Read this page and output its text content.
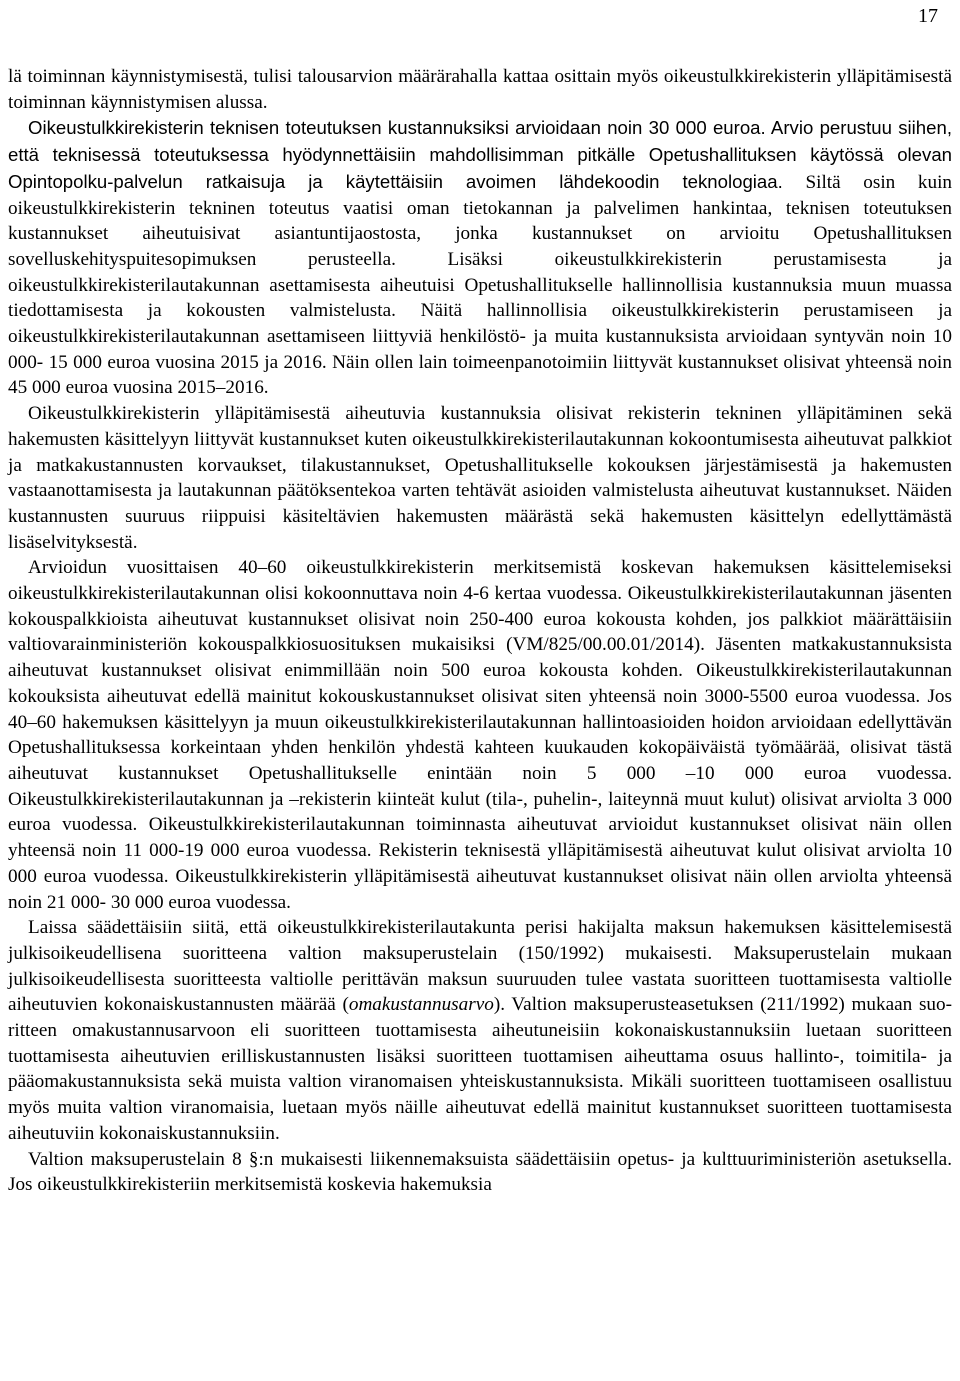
17

lä toiminnan käynnistymisestä, tulisi talousarvion määrärahalla kattaa osittain myös oikeustulkkirekisterin ylläpitämisestä toiminnan käynnistymisen alussa.

Oikeustulkkirekisterin teknisen toteutuksen kustannuksiksi arvioidaan noin 30 000 euroa. Arvio perustuu siihen, että teknisessä toteutuksessa hyödynnettäisiin mahdollisimman pitkälle Opetushallituksen käytössä olevan Opintopolku-palvelun ratkaisuja ja käytettäisiin avoimen lähdekoodin teknologiaa. Siltä osin kuin oikeustulkkirekisterin tekninen toteutus vaatisi oman tietokannan ja palvelimen hankintaa, teknisen toteutuksen kustannukset aiheutuisivat asiantuntijaostosta, jonka kustannukset on arvioitu Opetushallituksen sovelluskehityspuitesopimuksen perusteella. Lisäksi oikeustulkkirekisterin perustamisesta ja oikeustulkkirekisterilautakunnan asettamisesta aiheutuisi Opetushallitukselle hallinnollisia kustannuksia muun muassa tiedottamisesta ja kokousten valmistelusta. Näitä hallinnollisia oikeustulkkirekisterin perustamiseen ja oikeustulkkirekisterilautakunnan asettamiseen liittyviä henkilöstö- ja muita kustannuksista arvioidaan syntyvän noin 10 000- 15 000 euroa vuosina 2015 ja 2016. Näin ollen lain toimeenpanotoimiin liittyvät kustannukset olisivat yhteensä noin 45 000 euroa vuosina 2015–2016.

Oikeustulkkirekisterin ylläpitämisestä aiheutuvia kustannuksia olisivat rekisterin tekninen ylläpitäminen sekä hakemusten käsittelyyn liittyvät kustannukset kuten oikeustulkkirekisterilautakunnan kokoontumisesta aiheutuvat palkkiot ja matkakustannusten korvaukset, tilakustannukset, Opetushallitukselle kokouksen järjestämisestä ja hakemusten vastaanottamisesta ja lautakunnan päätöksentekoa varten tehtävät asioiden valmistelusta aiheutuvat kustannukset. Näiden kustannusten suuruus riippuisi käsiteltävien hakemusten määrästä sekä hakemusten käsittelyn edellyttämästä lisäselvityksestä.

Arvioidun vuosittaisen 40–60 oikeustulkkirekisterin merkitsemistä koskevan hakemuksen käsittelemiseksi oikeustulkkirekisterilautakunnan olisi kokoonnuttava noin 4-6 kertaa vuodessa. Oikeustulkkirekisterilautakunnan jäsenten kokouspalkkioista aiheutuvat kustannukset olisivat noin 250-400 euroa kokousta kohden, jos palkkiot määrättäisiin valtiovarainministeriön kokouspalkkiosuosituksen mukaisiksi (VM/825/00.00.01/2014). Jäsenten matkakustannuksista aiheutuvat kustannukset olisivat enimmillään noin 500 euroa kokousta kohden. Oikeustulkkirekisterilautakunnan kokouksista aiheutuvat edellä mainitut kokouskustannukset olisivat siten yhteensä noin 3000-5500 euroa vuodessa. Jos 40–60 hakemuksen käsittelyyn ja muun oikeustulkkirekisterilautakunnan hallintoasioiden hoidon arvioidaan edellyttävän Opetushallituksessa korkeintaan yhden henkilön yhdestä kahteen kuukauden kokopäiväistä työmäärää, olisivat tästä aiheutuvat kustannukset Opetushallitukselle enintään noin 5 000 –10 000 euroa vuodessa. Oikeustulkkirekisterilautakunnan ja –rekisterin kiinteät kulut (tila-, puhelin-, laiteynnä muut kulut) olisivat arviolta 3 000 euroa vuodessa. Oikeustulkkirekisterilautakunnan toiminnasta aiheutuvat arvioidut kustannukset olisivat näin ollen yhteensä noin 11 000-19 000 euroa vuodessa. Rekisterin teknisestä ylläpitämisestä aiheutuvat kulut olisivat arviolta 10 000 euroa vuodessa. Oikeustulkkirekisterin ylläpitämisestä aiheutuvat kustannukset olisivat näin ollen arviolta yhteensä noin 21 000- 30 000 euroa vuodessa.

Laissa säädettäisiin siitä, että oikeustulkkirekisterilautakunta perisi hakijalta maksun hakemuksen käsittelemisestä julkisoikeudellisena suoritteena valtion maksuperustelain (150/1992) mukaisesti. Maksuperustelain mukaan julkisoikeudellisesta suoritteesta valtiolle perittävän maksun suuruuden tulee vastata suoritteen tuottamisesta valtiolle aiheutuvien kokonaiskustannusten määrää (omakustannusarvo). Valtion maksuperusteasetuksen (211/1992) mukaan suoritteen omakustannusarvoon eli suoritteen tuottamisesta aiheutuneisiin kokonaiskustannuksiin luetaan suoritteen tuottamisesta aiheutuvien erilliskustannusten lisäksi suoritteen tuottamisen aiheuttama osuus hallinto-, toimitila- ja pääomakustannuksista sekä muista valtion viranomaisen yhteiskustannuksista. Mikäli suoritteen tuottamiseen osallistuu myös muita valtion viranomaisia, luetaan myös näille aiheutuvat edellä mainitut kustannukset suoritteen tuottamisesta aiheutuviin kokonaiskustannuksiin.

Valtion maksuperustelain 8 §:n mukaisesti liikennemaksuista säädettäisiin opetus- ja kulttuuriministeriön asetuksella. Jos oikeustulkkirekisteriin merkitsemistä koskevia hakemuksia
